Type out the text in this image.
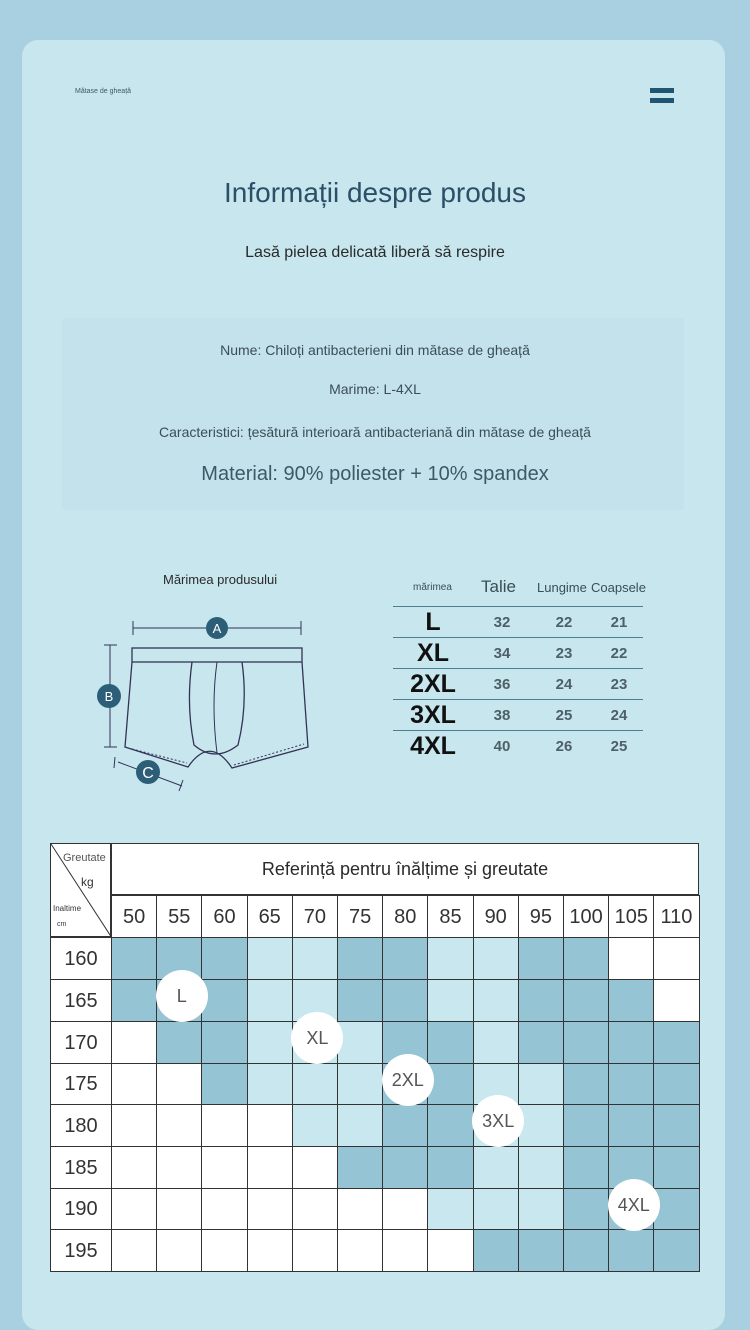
Mătase de gheață
Informații despre produs
Lasă pielea delicată liberă să respire
Nume: Chiloți antibacterieni din mătase de gheață
Marime: L-4XL
Caracteristici: țesătură interioară antibacteriană din mătase de gheață
Material: 90% poliester + 10% spandex
Mărimea produsului
A
B
C
mărimea Talie Lungime Coapsele
L	32	22	21
XL	34	23	22
2XL	36	24	23
3XL	38	25	24
4XL	40	26	25
Referință pentru înălțime și greutate
Greutate
kg
Inaltime
cm	50	55	60	65	70	75	80	85	90	95 100 105 110
160
165
170
175
180
185
190
195
L
XL
2XL
3XL
4XL
